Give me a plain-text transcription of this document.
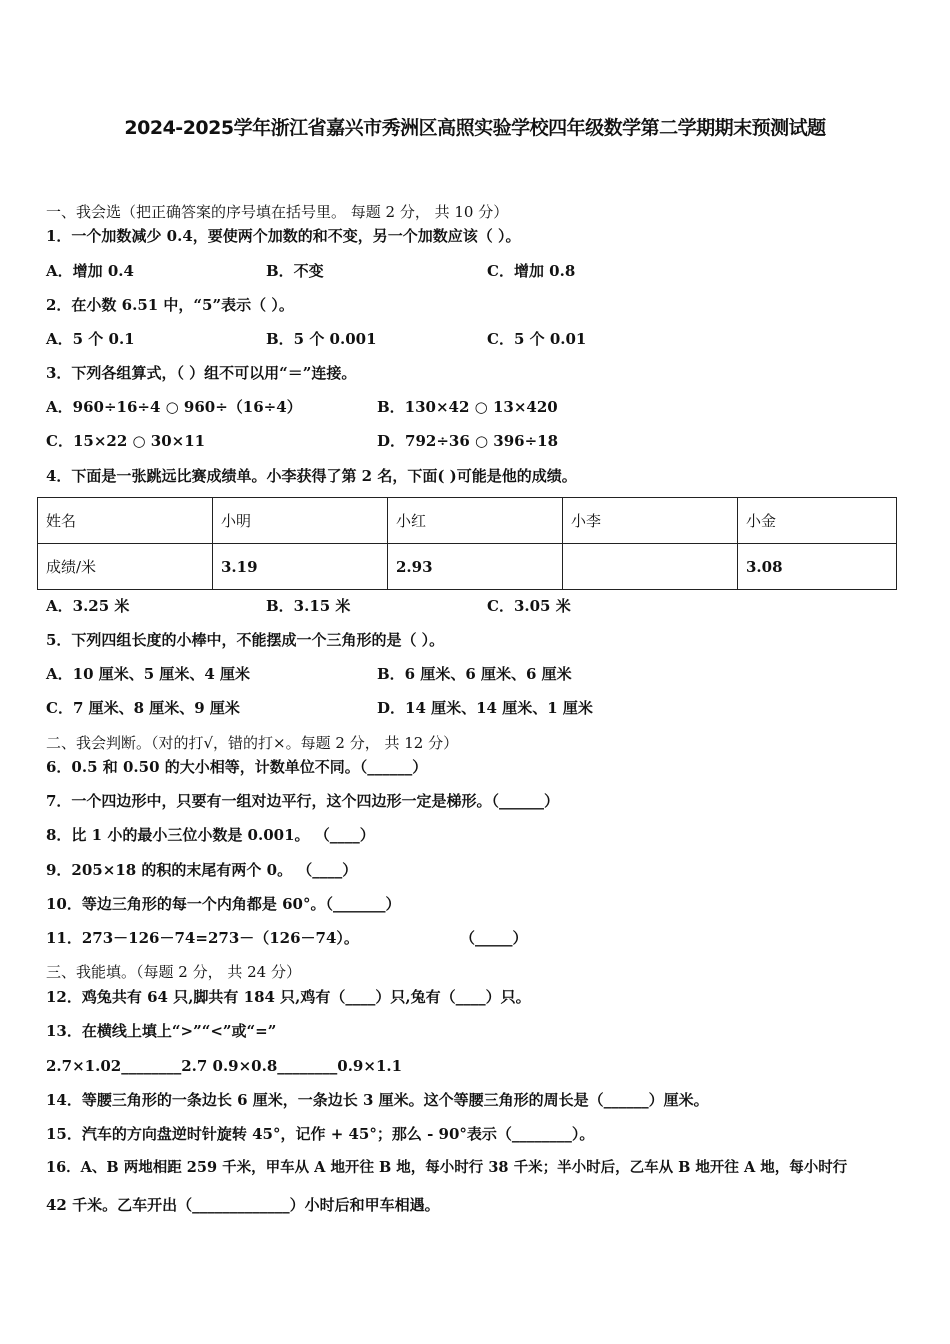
2024-2025学年浙江省嘉兴市秀洲区高照实验学校四年级数学第二学期期末预测试题
一、我会选（把正确答案的序号填在括号里。 每题 2 分， 共 10 分）
1．一个加数减少 0.4，要使两个加数的和不变，另一个加数应该（ ）。
A．增加 0.4	B．不变	C．增加 0.8
2．在小数 6.51 中，“5”表示（ ）。
A．5 个 0.1	B．5 个 0.001	C．5 个 0.01
3．下列各组算式，（ ）组不可以用“＝”连接。
A．960÷16÷4 ○ 960÷（16÷4）	B．130×42 ○ 13×420
C．15×22 ○ 30×11	D．792÷36 ○ 396÷18
4．下面是一张跳远比赛成绩单。小李获得了第 2 名，下面( )可能是他的成绩。
姓名	小明	小红	小李	小金
成绩/米	3.19	2.93		3.08
A．3.25 米	B．3.15 米	C．3.05 米
5．下列四组长度的小棒中，不能摆成一个三角形的是（ ）。
A．10 厘米、5 厘米、4 厘米	B．6 厘米、6 厘米、6 厘米
C．7 厘米、8 厘米、9 厘米	D．14 厘米、14 厘米、1 厘米
二、我会判断。（对的打√，错的打×。每题 2 分， 共 12 分）
6．0.5 和 0.50 的大小相等，计数单位不同。（______）
7．一个四边形中，只要有一组对边平行，这个四边形一定是梯形。（______）
8．比 1 小的最小三位小数是 0.001。 （____）
9．205×18 的积的末尾有两个 0。 （____）
10．等边三角形的每一个内角都是 60°。（_______）
11．273－126－74=273－（126－74）。	（_____）
三、我能填。（每题 2 分， 共 24 分）
12．鸡兔共有 64 只,脚共有 184 只,鸡有（____）只,兔有（____）只。
13．在横线上填上“>”“<”或“=”
2.7×1.02________2.7 0.9×0.8________0.9×1.1
14．等腰三角形的一条边长 6 厘米，一条边长 3 厘米。这个等腰三角形的周长是（______）厘米。
15．汽车的方向盘逆时针旋转 45°，记作 + 45°；那么 - 90°表示（________）。
16．A、B 两地相距 259 千米，甲车从 A 地开往 B 地，每小时行 38 千米；半小时后，乙车从 B 地开往 A 地，每小时行
42 千米。乙车开出（_____________）小时后和甲车相遇。
